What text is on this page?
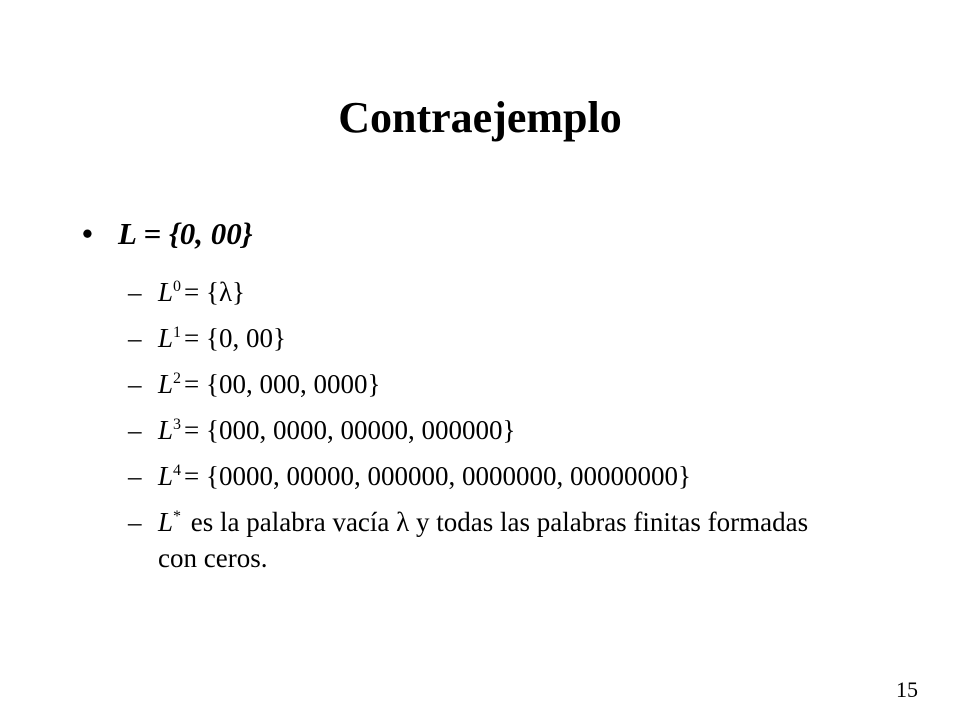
Contraejemplo
• L = {0, 00}
– $L^0 = \{\lambda\}$
– $L^1 = \{0$, 00}
– $L^2 = \{00$, 000, 0000}
– $L^3 = \{000$, 0000, 00000, 000000}
– $L^4 = \{0000$, 00000, 000000, 0000000, 00000000}
– L* es la palabra vacía λ y todas las palabras finitas formadas con ceros.
15
